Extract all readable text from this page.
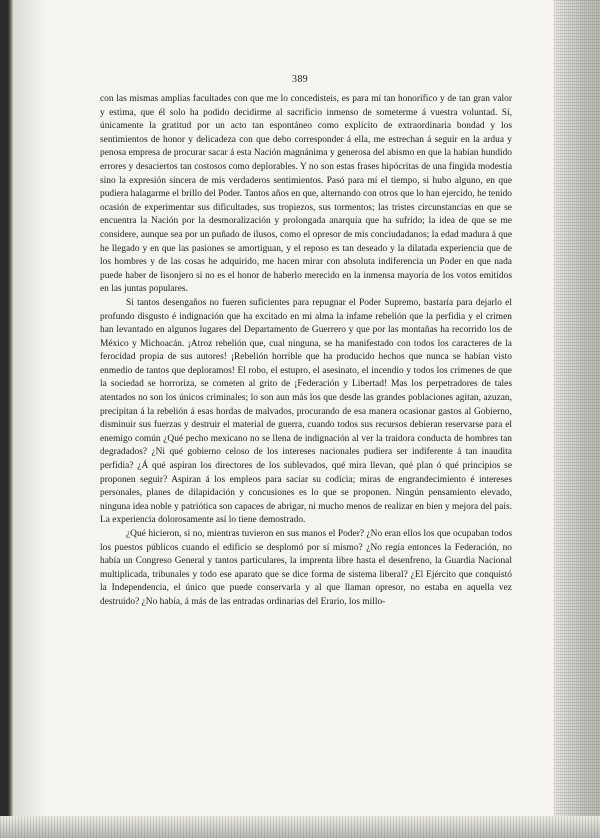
389

con las mismas amplias facultades con que me lo concedisteis, es para mí tan honorífico y de tan gran valor y estima, que él solo ha podido decidirme al sacrificio inmenso de someterme á vuestra voluntad. Sí, únicamente la gratitud por un acto tan espontáneo como explícito de extraordinaria bondad y los sentimientos de honor y delicadeza con que debo corresponder á ella, me estrechan á seguir en la ardua y penosa empresa de procurar sacar á esta Nación magnánima y generosa del abismo en que la habían hundido errores y desaciertos tan costosos como deplorables. Y no son estas frases hipócritas de una fingida modestia sino la expresión sincera de mis verdaderos sentimientos. Pasó para mí el tiempo, si hubo alguno, en que pudiera halagarme el brillo del Poder. Tantos años en que, alternando con otros que lo han ejercido, he tenido ocasión de experimentar sus dificultades, sus tropiezos, sus tormentos; las tristes circunstancias en que se encuentra la Nación por la desmoralización y prolongada anarquía que ha sufrido; la idea de que se me considere, aunque sea por un puñado de ilusos, como el opresor de mis conciudadanos; la edad madura á que he llegado y en que las pasiones se amortiguan, y el reposo es tan deseado y la dilatada experiencia que de los hombres y de las cosas he adquirido, me hacen mirar con absoluta indiferencia un Poder en que nada puede haber de lisonjero si no es el honor de haberlo merecido en la inmensa mayoría de los votos emitidos en las juntas populares.

Si tantos desengaños no fueren suficientes para repugnar el Poder Supremo, bastaría para dejarlo el profundo disgusto é indignación que ha excitado en mi alma la infame rebelión que la perfidia y el crimen han levantado en algunos lugares del Departamento de Guerrero y que por las montañas ha recorrido los de México y Michoacán. ¡Atroz rebelión que, cual ninguna, se ha manifestado con todos los caracteres de la ferocidad propia de sus autores! ¡Rebelión horrible que ha producido hechos que nunca se habían visto enmedio de tantos que deploramos! El robo, el estupro, el asesinato, el incendio y todos los crímenes de que la sociedad se horroriza, se cometen al grito de ¡Federación y Libertad! Mas los perpetradores de tales atentados no son los únicos criminales; lo son aun más los que desde las grandes poblaciones agitan, azuzan, precipitan á la rebelión á esas hordas de malvados, procurando de esa manera ocasionar gastos al Gobierno, disminuir sus fuerzas y destruir el material de guerra, cuando todos sus recursos debieran reservarse para el enemigo común ¿Qué pecho mexicano no se llena de indignación al ver la traidora conducta de hombres tan degradados? ¿Ni qué gobierno celoso de los intereses nacionales pudiera ser indiferente á tan inaudita perfidia? ¿Á qué aspiran los directores de los sublevados, qué mira llevan, qué plan ó qué principios se proponen seguir? Aspiran á los empleos para saciar su codicia; miras de engrandecimiento é intereses personales, planes de dilapidación y concusiones es lo que se proponen. Ningún pensamiento elevado, ninguna idea noble y patriótica son capaces de abrigar, ni mucho menos de realizar en bien y mejora del país. La experiencia dolorosamente así lo tiene demostrado.

¿Qué hicieron, si no, mientras tuvieron en sus manos el Poder? ¿No eran ellos los que ocupaban todos los puestos públicos cuando el edificio se desplomó por sí mismo? ¿No regía entonces la Federación, no había un Congreso General y tantos particulares, la imprenta libre hasta el desenfreno, la Guardia Nacional multiplicada, tribunales y todo ese aparato que se dice forma de sistema liberal? ¿El Ejército que conquistó la Independencia, el único que puede conservarla y al que llaman opresor, no estaba en aquella vez destruido? ¿No había, á más de las entradas ordinarias del Erario, los millo-
